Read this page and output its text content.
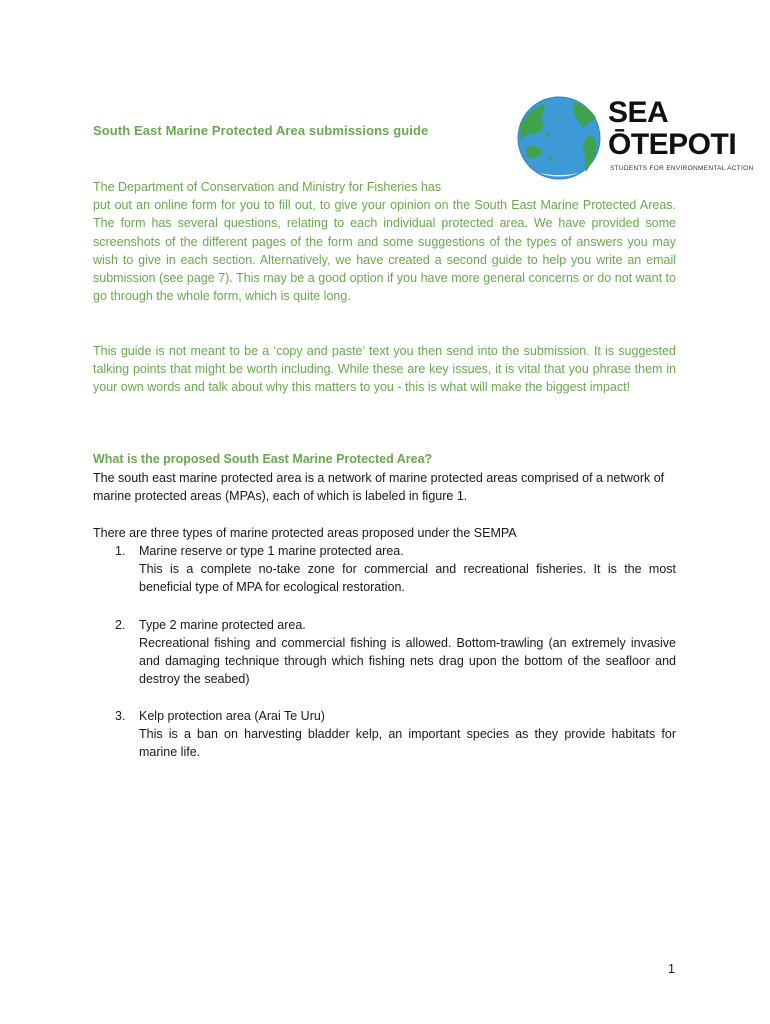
South East Marine Protected Area submissions guide
SEA
ŌTEPOTI
STUDENTS FOR ENVIRONMENTAL ACTION

The Department of Conservation and Ministry for Fisheries has
put out an online form for you to fill out, to give your opinion on the South East Marine Protected Areas. The form has several questions, relating to each individual protected area. We have provided some screenshots of the different pages of the form and some suggestions of the types of answers you may wish to give in each section. Alternatively, we have created a second guide to help you write an email submission (see page 7). This may be a good option if you have more general concerns or do not want to go through the whole form, which is quite long.

This guide is not meant to be a ‘copy and paste’ text you then send into the submission. It is suggested talking points that might be worth including. While these are key issues, it is vital that you phrase them in your own words and talk about why this matters to you - this is what will make the biggest impact!

What is the proposed South East Marine Protected Area?

The south east marine protected area is a network of marine protected areas comprised of a network of marine protected areas (MPAs), each of which is labeled in figure 1.

There are three types of marine protected areas proposed under the SEMPA

1. Marine reserve or type 1 marine protected area.
This is a complete no-take zone for commercial and recreational fisheries. It is the most beneficial type of MPA for ecological restoration.
2. Type 2 marine protected area.
Recreational fishing and commercial fishing is allowed. Bottom-trawling (an extremely invasive and damaging technique through which fishing nets drag upon the bottom of the seafloor and destroy the seabed)
3. Kelp protection area (Arai Te Uru)
This is a ban on harvesting bladder kelp, an important species as they provide habitats for marine life.
1
